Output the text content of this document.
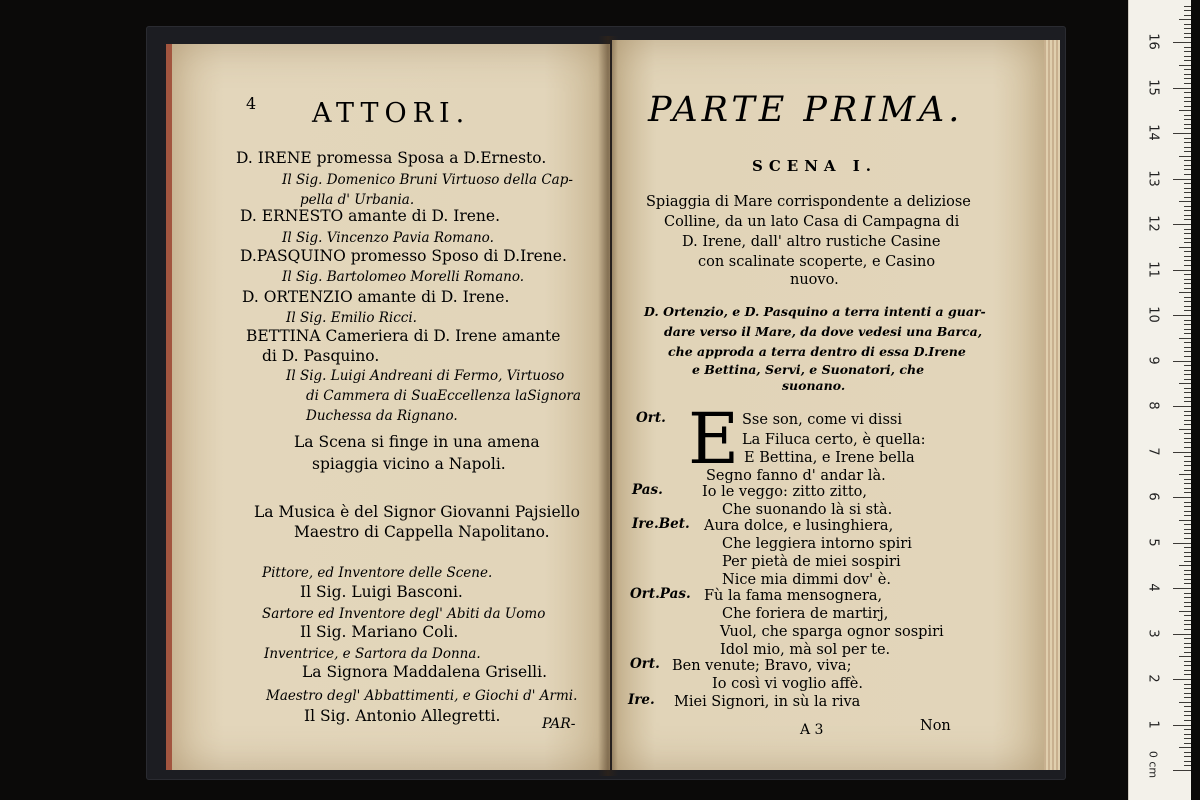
4 ATTORI.
D. IRENE promessa Sposa a D.Ernesto.
Il Sig. Domenico Bruni Virtuoso della Cap-
pella d' Urbania.
D. ERNESTO amante di D. Irene.
Il Sig. Vincenzo Pavia Romano.
D.PASQUINO promesso Sposo di D.Irene.
Il Sig. Bartolomeo Morelli Romano.
D. ORTENZIO amante di D. Irene.
Il Sig. Emilio Ricci.
BETTINA Cameriera di D. Irene amante
di D. Pasquino.
Il Sig. Luigi Andreani di Fermo, Virtuoso
di Cammera di SuaEccellenza laSignora
Duchessa da Rignano.
La Scena si finge in una amena
spiaggia vicino a Napoli.
La Musica è del Signor Giovanni Pajsiello
Maestro di Cappella Napolitano.
Pittore, ed Inventore delle Scene.
Il Sig. Luigi Basconi.
Sartore ed Inventore degl' Abiti da Uomo
Il Sig. Mariano Coli.
Inventrice, e Sartora da Donna.
La Signora Maddalena Griselli.
Maestro degl' Abbattimenti, e Giochi d' Armi.
Il Sig. Antonio Allegretti.	PAR-
PARTE PRIMA.
SCENA I.
Spiaggia di Mare corrispondente a deliziose
Colline, da un lato Casa di Campagna di
D. Irene, dall' altro rustiche Casine
con scalinate scoperte, e Casino
nuovo.
D. Ortenzio, e D. Pasquino a terra intenti a guar-
dare verso il Mare, da dove vedesi una Barca,
che approda a terra dentro di essa D.Irene
e Bettina, Servi, e Suonatori, che
suonano.
E
Ort.	Sse son, come vi dissi
La Filuca certo, è quella:
E Bettina, e Irene bella
Segno fanno d' andar là.
Pas.	Io le veggo: zitto zitto,
Che suonando là si stà.
Ire.Bet. Aura dolce, e lusinghiera,
Che leggiera intorno spiri
Per pietà de miei sospiri
Nice mia dimmi dov' è.
Ort.Pas. Fù la fama mensognera,
Che foriera de martirj,
Vuol, che sparga ognor sospiri
Idol mio, mà sol per te.
Ort. Ben venute; Bravo, viva;
Io così vi voglio affè.
Ire. Miei Signori, in sù la riva
A 3	Non	1
2
3
4
5
6
7
8
9
10
11
12
13
14
15
16
0 cm
